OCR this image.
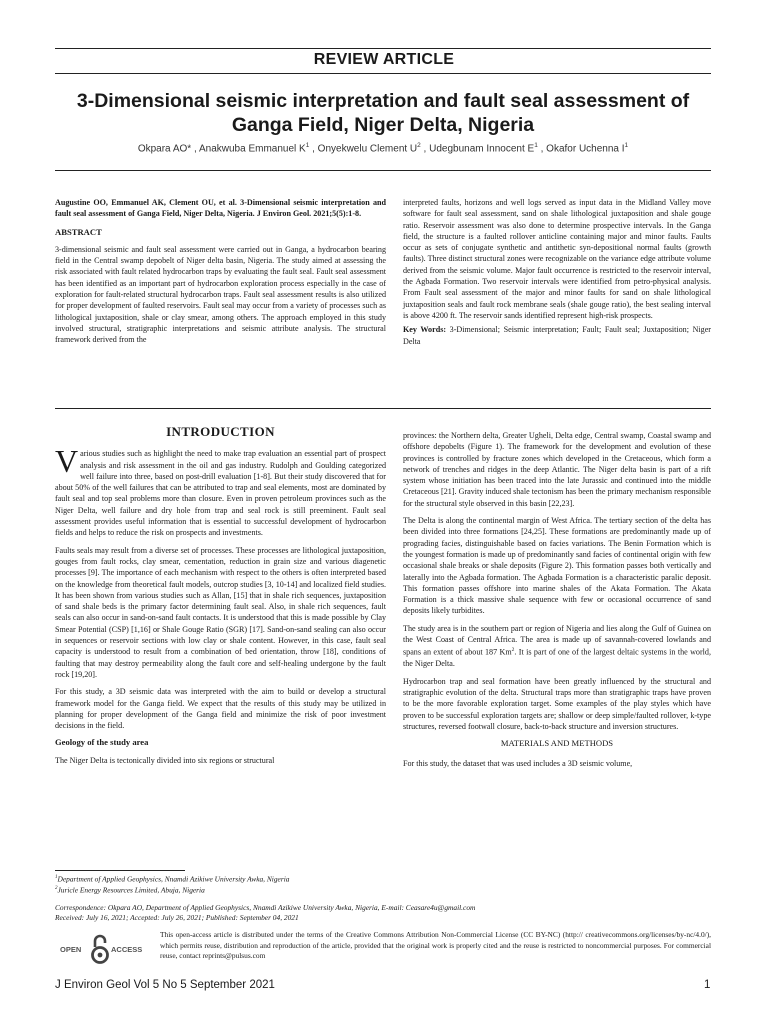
REVIEW ARTICLE
3-Dimensional seismic interpretation and fault seal assessment of Ganga Field, Niger Delta, Nigeria
Okpara AO* , Anakwuba Emmanuel $K^1$ , Onyekwelu Clement $U^2$ , Udegbunam Innocent $E^1$ , Okafor Uchenna $I^1$

Augustine OO, Emmanuel AK, Clement OU, et al. 3-Dimensional seismic interpretation and fault seal assessment of Ganga Field, Niger Delta, Nigeria. J Environ Geol. 2021;5(5):1-8.

ABSTRACT

3-dimensional seismic and fault seal assessment were carried out in Ganga, a hydrocarbon bearing field in the Central swamp depobelt of Niger delta basin, Nigeria. The study aimed at assessing the risk associated with fault related hydrocarbon traps by evaluating the fault seal. Fault seal assessment has been identified as an important part of hydrocarbon exploration process especially in the case of exploration for fault-related structural hydrocarbon traps. Fault seal assessment results is also utilized for proper development of faulted reservoirs. Fault seal may occur from a variety of processes such as lithological juxtaposition, shale or clay smear, among others. The approach employed in this study involved structural, stratigraphic interpretations and seismic attribute analysis. The structural framework derived from the

interpreted faults, horizons and well logs served as input data in the Midland Valley move software for fault seal assessment, sand on shale lithological juxtaposition and shale gouge ratio. Reservoir assessment was also done to determine prospective intervals. In the Ganga field, the structure is a faulted rollover anticline containing major and minor faults. Faults occur as sets of conjugate synthetic and antithetic syn-depositional normal faults (growth faults). Three distinct structural zones were recognizable on the variance edge attribute volume derived from the seismic volume. Major fault occurrence is restricted to the reservoir interval, the Agbada Formation. Two reservoir intervals were identified from petro-physical analysis. From Fault seal assessment of the major and minor faults for sand on shale lithological juxtaposition seals and fault rock membrane seals (shale gouge ratio), the best sealing interval is above 4200 ft. The reservoir sands identified represent high-risk prospects.

Key Words: 3-Dimensional; Seismic interpretation; Fault; Fault seal; Juxtaposition; Niger Delta

INTRODUCTION

Various studies such as highlight the need to make trap evaluation an essential part of prospect analysis and risk assessment in the oil and gas industry. Rudolph and Goulding categorized well failure into three, based on post-drill evaluation [1-8]. But their study discovered that for about 50% of the well failures that can be attributed to trap and seal elements, most are dominated by fault seal and top seal problems more than closure. Even in proven petroleum provinces such as the Niger Delta, well failure and dry hole from trap and seal rock is still preeminent. Fault seal assessment provides useful information that is essential to successful development of hydrocarbon fields and helps to reduce the risk on prospects and investments.

Faults seals may result from a diverse set of processes. These processes are lithological juxtaposition, gouges from fault rocks, clay smear, cementation, reduction in grain size and various diagenetic processes [9]. The importance of each mechanism with respect to the others is often interpreted based on the knowledge from theoretical fault models, outcrop studies [3, 10-14] and localized field studies. It has been shown from various studies such as Allan, [15] that in shale rich sequences, juxtaposition of sand shale beds is the primary factor determining fault seal. Also, in shale rich sequences, fault seals can also occur in sand-on-sand fault contacts. It is understood that this is made possible by Clay Smear Potential (CSP) [1,16] or Shale Gouge Ratio (SGR) [17]. Sand-on-sand sealing can also occur in sequences or reservoir sections with low clay or shale content. However, in this case, fault seal capacity is understood to result from a combination of bed orientation, throw [18], conditions of faulting that may destroy permeability along the fault core and self-healing undergone by the fault rock [19,20].

For this study, a 3D seismic data was interpreted with the aim to build or develop a structural framework model for the Ganga field. We expect that the results of this study may be utilized in planning for proper development of the Ganga field and minimize the risk of poor investment decisions in the field.

Geology of the study area

The Niger Delta is tectonically divided into six regions or structural

provinces: the Northern delta, Greater Ugheli, Delta edge, Central swamp, Coastal swamp and offshore depobelts (Figure 1). The framework for the development and evolution of these provinces is controlled by fracture zones which developed in the Cretaceous, which form a network of trenches and ridges in the deep Atlantic. The Niger delta basin is part of a rift system whose initiation has been traced into the late Jurassic and continued into the middle Cretaceous [21]. Gravity induced shale tectonism has been the primary mechanism responsible for the structural style observed in this basin [22,23].

The Delta is along the continental margin of West Africa. The tertiary section of the delta has been divided into three formations [24,25]. These formations are predominantly made up of prograding facies, distinguishable based on facies variations. The Benin Formation which is the youngest formation is made up of predominantly sand facies of continental origin with few occasional shale breaks or shale deposits (Figure 2). This formation passes both vertically and laterally into the Agbada formation. The Agbada Formation is a characteristic paralic deposit. This formation passes offshore into marine shales of the Akata Formation. The Akata Formation is a thick massive shale sequence with few or occasional occurrence of sand deposits likely turbidites.

The study area is in the southern part or region of Nigeria and lies along the Gulf of Guinea on the West Coast of Central Africa. The area is made up of savannah-covered lowlands and spans an extent of about 187 Km$^2$. It is part of one of the largest deltaic systems in the world, the Niger Delta.

Hydrocarbon trap and seal formation have been greatly influenced by the structural and stratigraphic evolution of the delta. Structural traps more than stratigraphic traps have proven to be the more favorable exploration target. Some examples of the play styles which have proven to be successful exploration targets are; shallow or deep simple/faulted rollover, k-type structures, reversed footwall closure, back-to-back structure and inversion structures.

MATERIALS AND METHODS

For this study, the dataset that was used includes a 3D seismic volume,

$^1$Department of Applied Geophysics, Nnamdi Azikiwe University Awka, Nigeria
$^2$Juricle Energy Resources Limited, Abuja, Nigeria

Correspondence: Okpara AO, Department of Applied Geophysics, Nnamdi Azikiwe University Awka, Nigeria, E-mail: Ceasare4u@gmail.com

Received: July 16, 2021; Accepted: July 26, 2021; Published: September 04, 2021

OPEN	ACCESS
This open-access article is distributed under the terms of the Creative Commons Attribution Non-Commercial License (CC BY-NC) (http:// creativecommons.org/licenses/by-nc/4.0/), which permits reuse, distribution and reproduction of the article, provided that the original work is properly cited and the reuse is restricted to noncommercial purposes. For commercial reuse, contact reprints@pulsus.com
J Environ Geol Vol 5 No 5 September 2021	1
